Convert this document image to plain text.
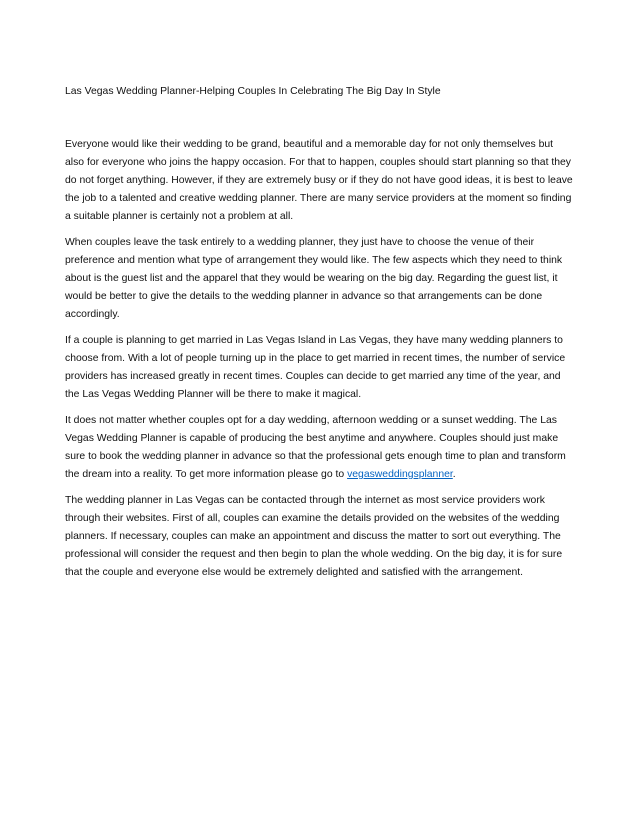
Las Vegas Wedding Planner-Helping Couples In Celebrating The Big Day In Style

Everyone would like their wedding to be grand, beautiful and a memorable day for not only themselves but also for everyone who joins the happy occasion. For that to happen, couples should start planning so that they do not forget anything. However, if they are extremely busy or if they do not have good ideas, it is best to leave the job to a talented and creative wedding planner. There are many service providers at the moment so finding a suitable planner is certainly not a problem at all.

When couples leave the task entirely to a wedding planner, they just have to choose the venue of their preference and mention what type of arrangement they would like. The few aspects which they need to think about is the guest list and the apparel that they would be wearing on the big day. Regarding the guest list, it would be better to give the details to the wedding planner in advance so that arrangements can be done accordingly.

If a couple is planning to get married in Las Vegas Island in Las Vegas, they have many wedding planners to choose from. With a lot of people turning up in the place to get married in recent times, the number of service providers has increased greatly in recent times. Couples can decide to get married any time of the year, and the Las Vegas Wedding Planner will be there to make it magical.

It does not matter whether couples opt for a day wedding, afternoon wedding or a sunset wedding. The Las Vegas Wedding Planner is capable of producing the best anytime and anywhere. Couples should just make sure to book the wedding planner in advance so that the professional gets enough time to plan and transform the dream into a reality. To get more information please go to vegasweddingsplanner.

The wedding planner in Las Vegas can be contacted through the internet as most service providers work through their websites. First of all, couples can examine the details provided on the websites of the wedding planners. If necessary, couples can make an appointment and discuss the matter to sort out everything. The professional will consider the request and then begin to plan the whole wedding. On the big day, it is for sure that the couple and everyone else would be extremely delighted and satisfied with the arrangement.
